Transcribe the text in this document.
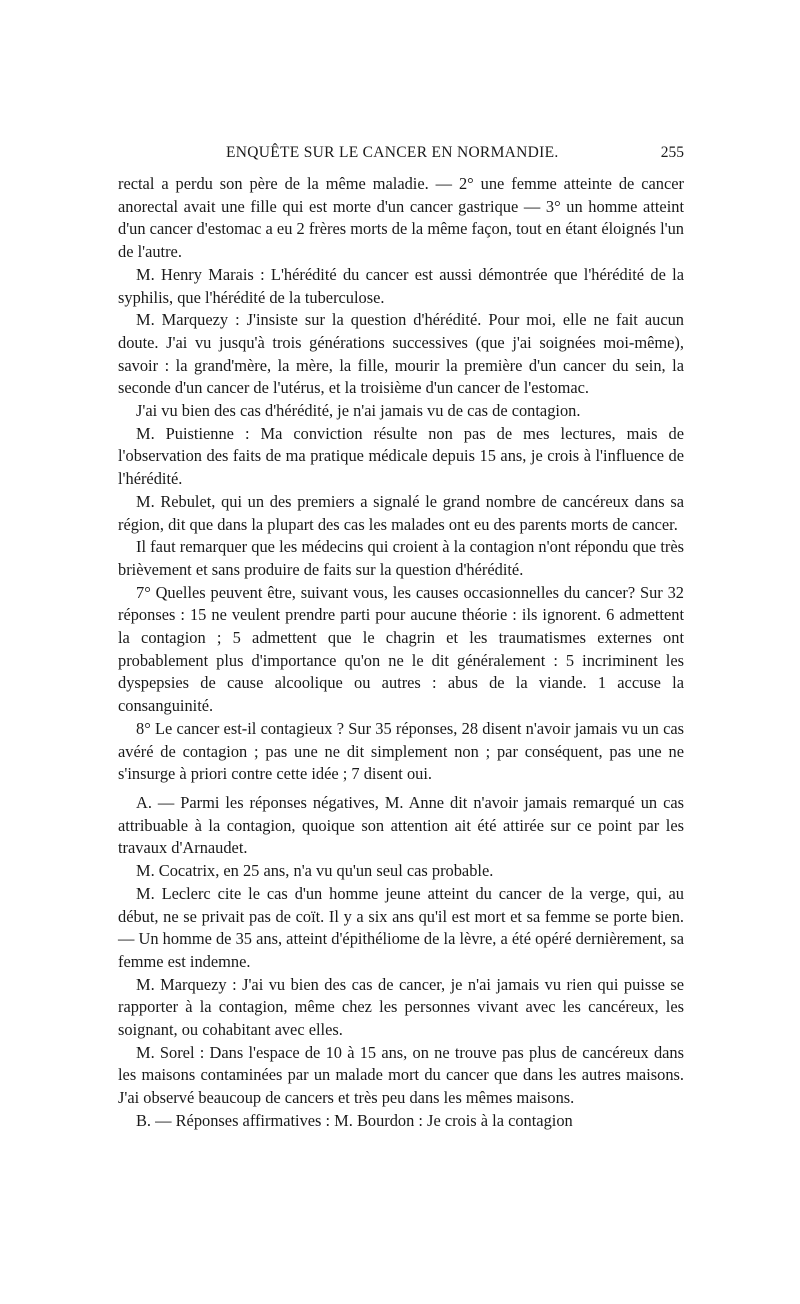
ENQUÊTE SUR LE CANCER EN NORMANDIE.	255

rectal a perdu son père de la même maladie. — 2° une femme atteinte de cancer anorectal avait une fille qui est morte d'un cancer gastrique — 3° un homme atteint d'un cancer d'estomac a eu 2 frères morts de la même façon, tout en étant éloignés l'un de l'autre.

M. Henry Marais : L'hérédité du cancer est aussi démontrée que l'hérédité de la syphilis, que l'hérédité de la tuberculose.

M. Marquezy : J'insiste sur la question d'hérédité. Pour moi, elle ne fait aucun doute. J'ai vu jusqu'à trois générations successives (que j'ai soignées moi-même), savoir : la grand'mère, la mère, la fille, mourir la première d'un cancer du sein, la seconde d'un cancer de l'utérus, et la troisième d'un cancer de l'estomac.

J'ai vu bien des cas d'hérédité, je n'ai jamais vu de cas de contagion.

M. Puistienne : Ma conviction résulte non pas de mes lectures, mais de l'observation des faits de ma pratique médicale depuis 15 ans, je crois à l'influence de l'hérédité.

M. Rebulet, qui un des premiers a signalé le grand nombre de cancéreux dans sa région, dit que dans la plupart des cas les malades ont eu des parents morts de cancer.

Il faut remarquer que les médecins qui croient à la contagion n'ont répondu que très brièvement et sans produire de faits sur la question d'hérédité.

7° Quelles peuvent être, suivant vous, les causes occasionnelles du cancer? Sur 32 réponses : 15 ne veulent prendre parti pour aucune théorie : ils ignorent. 6 admettent la contagion ; 5 admettent que le chagrin et les traumatismes externes ont probablement plus d'importance qu'on ne le dit généralement : 5 incriminent les dyspepsies de cause alcoolique ou autres : abus de la viande. 1 accuse la consanguinité.

8° Le cancer est-il contagieux ? Sur 35 réponses, 28 disent n'avoir jamais vu un cas avéré de contagion ; pas une ne dit simplement non ; par conséquent, pas une ne s'insurge à priori contre cette idée ; 7 disent oui.

A. — Parmi les réponses négatives, M. Anne dit n'avoir jamais remarqué un cas attribuable à la contagion, quoique son attention ait été attirée sur ce point par les travaux d'Arnaudet.

M. Cocatrix, en 25 ans, n'a vu qu'un seul cas probable.

M. Leclerc cite le cas d'un homme jeune atteint du cancer de la verge, qui, au début, ne se privait pas de coït. Il y a six ans qu'il est mort et sa femme se porte bien. — Un homme de 35 ans, atteint d'épithéliome de la lèvre, a été opéré dernièrement, sa femme est indemne.

M. Marquezy : J'ai vu bien des cas de cancer, je n'ai jamais vu rien qui puisse se rapporter à la contagion, même chez les personnes vivant avec les cancéreux, les soignant, ou cohabitant avec elles.

M. Sorel : Dans l'espace de 10 à 15 ans, on ne trouve pas plus de cancéreux dans les maisons contaminées par un malade mort du cancer que dans les autres maisons. J'ai observé beaucoup de cancers et très peu dans les mêmes maisons.

B. — Réponses affirmatives : M. Bourdon : Je crois à la contagion
